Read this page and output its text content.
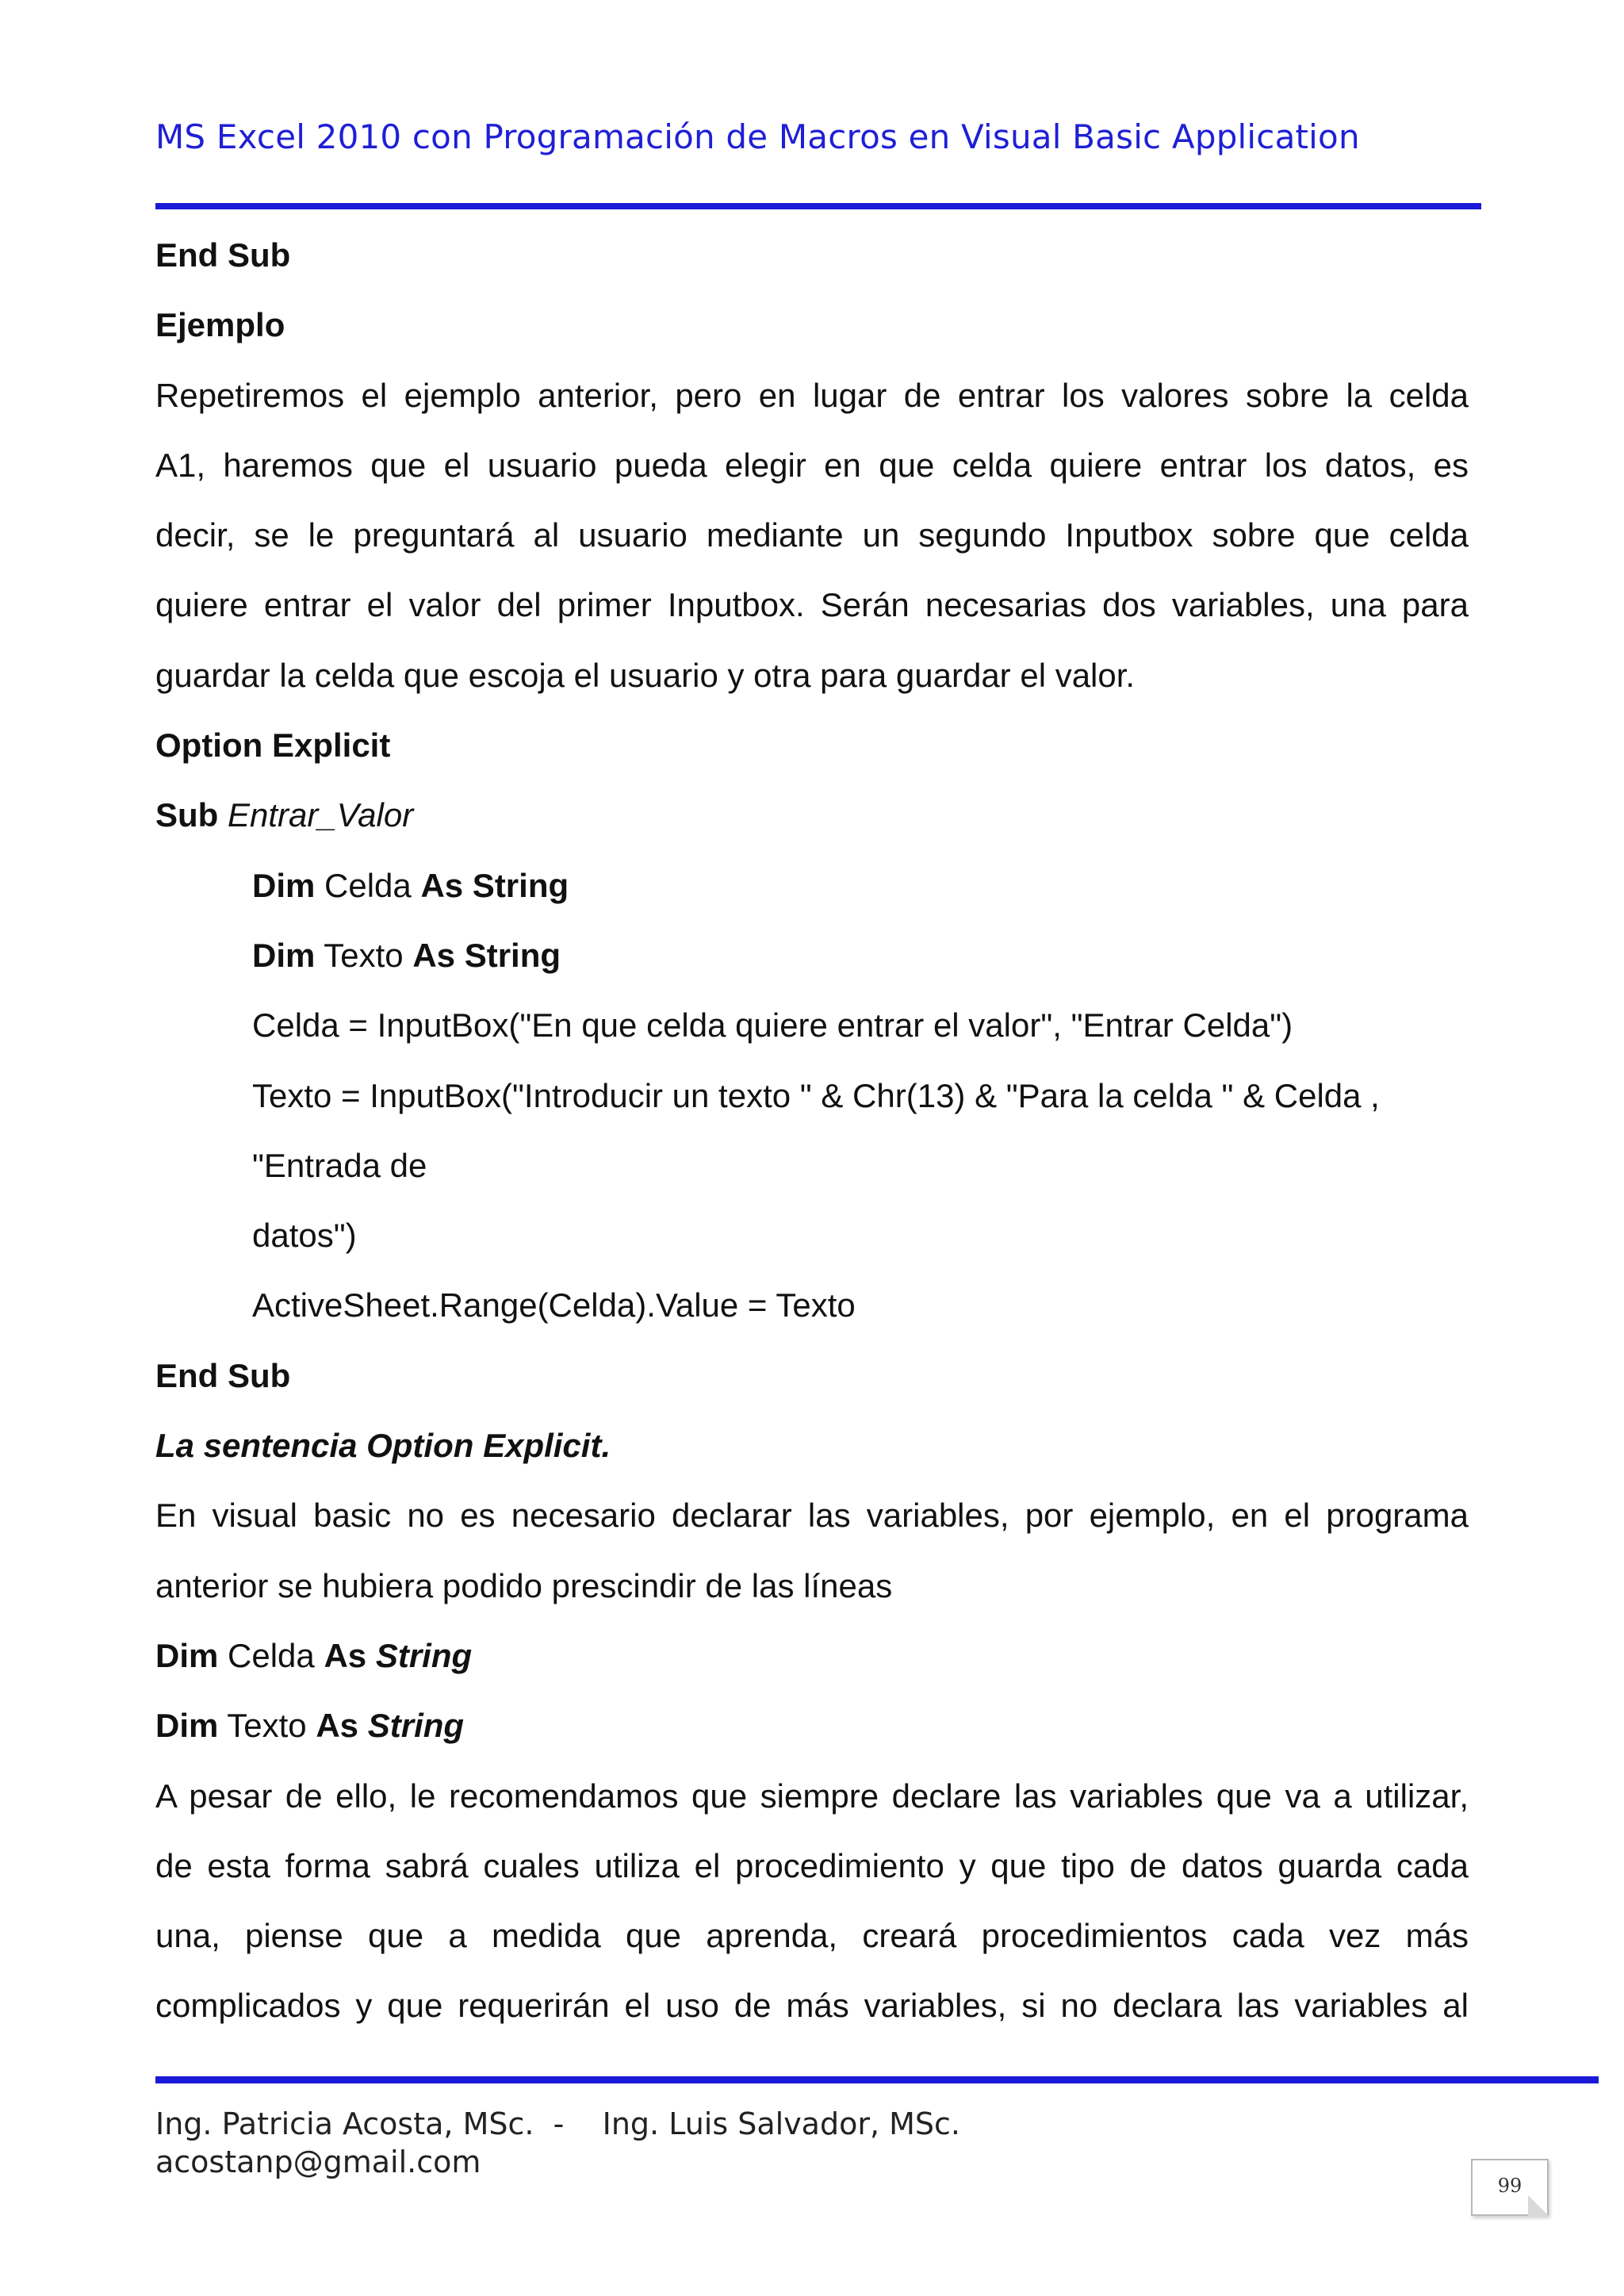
MS Excel 2010 con Programación de Macros en Visual Basic Application
End Sub
Ejemplo
Repetiremos el ejemplo anterior, pero en lugar de entrar los valores sobre la celda
A1, haremos que el usuario pueda elegir en que celda quiere entrar los datos, es
decir, se le preguntará al usuario mediante un segundo Inputbox sobre que celda
quiere entrar el valor del primer Inputbox. Serán necesarias dos variables, una para
guardar la celda que escoja el usuario y otra para guardar el valor.
Option Explicit
Sub Entrar_Valor
Dim Celda As String
Dim Texto As String
Celda = InputBox("En que celda quiere entrar el valor", "Entrar Celda")
Texto = InputBox("Introducir un texto " & Chr(13) & "Para la celda " & Celda ,
"Entrada de
datos")
ActiveSheet.Range(Celda).Value = Texto
End Sub
La sentencia Option Explicit.
En visual basic no es necesario declarar las variables, por ejemplo, en el programa
anterior se hubiera podido prescindir de las líneas
Dim Celda As String
Dim Texto As String
A pesar de ello, le recomendamos que siempre declare las variables que va a utilizar,
de esta forma sabrá cuales utiliza el procedimiento y que tipo de datos guarda cada
una, piense que a medida que aprenda, creará procedimientos cada vez más
complicados y que requerirán el uso de más variables, si no declara las variables al
Ing. Patricia Acosta, MSc.  -    Ing. Luis Salvador, MSc.
acostanp@gmail.com
99
